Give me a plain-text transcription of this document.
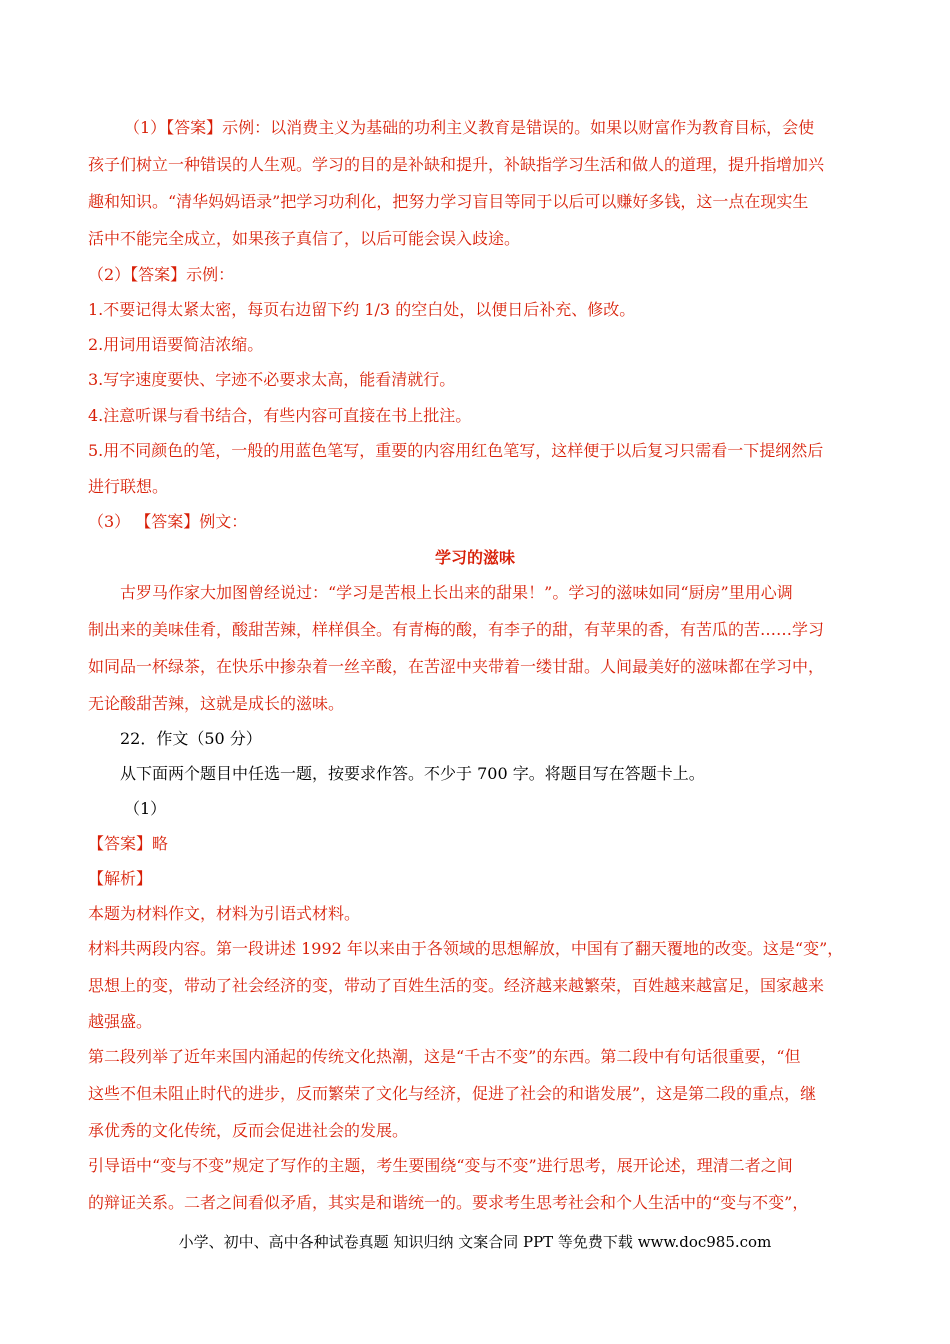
（1）【答案】示例：以消费主义为基础的功利主义教育是错误的。如果以财富作为教育目标，会使
孩子们树立一种错误的人生观。学习的目的是补缺和提升，补缺指学习生活和做人的道理，提升指增加兴
趣和知识。“清华妈妈语录”把学习功利化，把努力学习盲目等同于以后可以赚好多钱，这一点在现实生
活中不能完全成立，如果孩子真信了，以后可能会误入歧途。
（2）【答案】示例：
1.不要记得太紧太密，每页右边留下约 1/3 的空白处，以便日后补充、修改。
2.用词用语要简洁浓缩。
3.写字速度要快、字迹不必要求太高，能看清就行。
4.注意听课与看书结合，有些内容可直接在书上批注。
5.用不同颜色的笔，一般的用蓝色笔写，重要的内容用红色笔写，这样便于以后复习只需看一下提纲然后
进行联想。
（3） 【答案】例文：
学习的滋味
古罗马作家大加图曾经说过：“学习是苦根上长出来的甜果！”。学习的滋味如同“厨房”里用心调
制出来的美味佳肴，酸甜苦辣，样样俱全。有青梅的酸，有李子的甜，有苹果的香，有苦瓜的苦……学习
如同品一杯绿茶，在快乐中掺杂着一丝辛酸，在苦涩中夹带着一缕甘甜。人间最美好的滋味都在学习中，
无论酸甜苦辣，这就是成长的滋味。
22．作文（50 分）
从下面两个题目中任选一题，按要求作答。不少于 700 字。将题目写在答题卡上。
（1）
【答案】略
【解析】
本题为材料作文，材料为引语式材料。
材料共两段内容。第一段讲述 1992 年以来由于各领域的思想解放，中国有了翻天覆地的改变。这是“变”，
思想上的变，带动了社会经济的变，带动了百姓生活的变。经济越来越繁荣，百姓越来越富足，国家越来
越强盛。
第二段列举了近年来国内涌起的传统文化热潮，这是“千古不变”的东西。第二段中有句话很重要，“但
这些不但未阻止时代的进步，反而繁荣了文化与经济，促进了社会的和谐发展”，这是第二段的重点，继
承优秀的文化传统，反而会促进社会的发展。
引导语中“变与不变”规定了写作的主题，考生要围绕“变与不变”进行思考，展开论述，理清二者之间
的辩证关系。二者之间看似矛盾，其实是和谐统一的。要求考生思考社会和个人生活中的“变与不变”，
小学、初中、高中各种试卷真题 知识归纳 文案合同 PPT 等免费下载 www.doc985.com
